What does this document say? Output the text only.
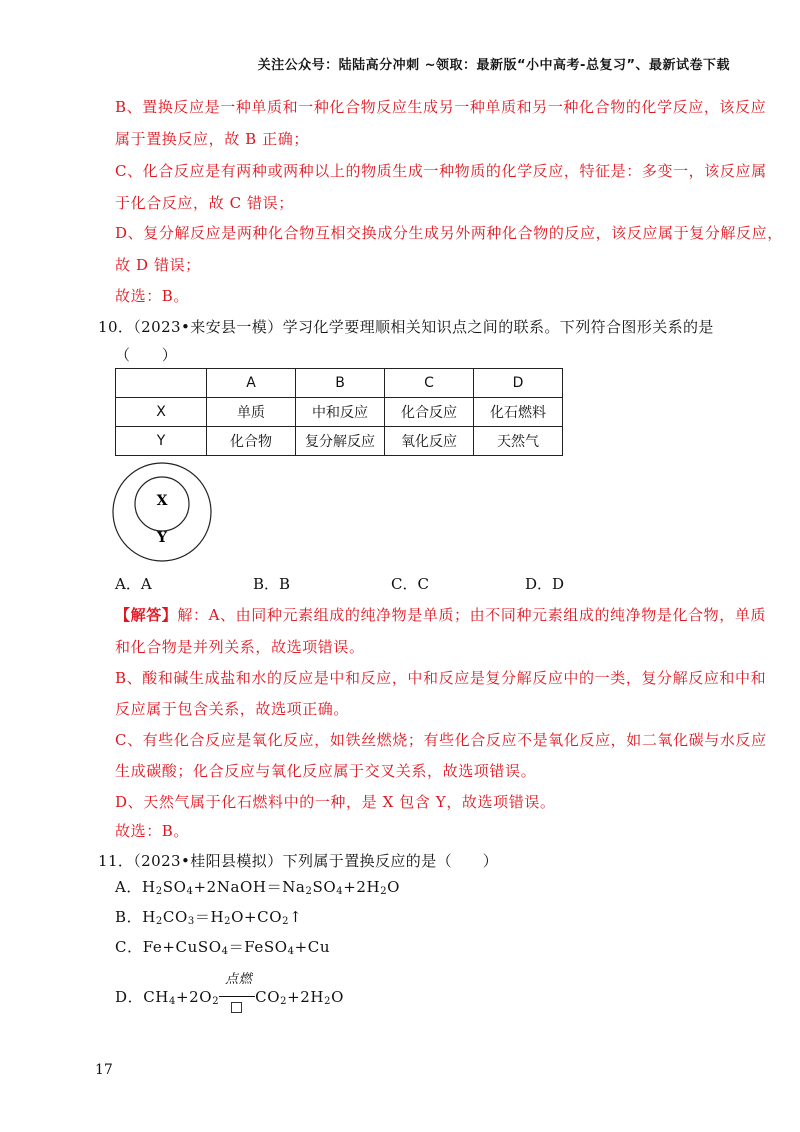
关注公众号：陆陆高分冲刺 ~领取：最新版“小中高考-总复习”、最新试卷下载
B、置换反应是一种单质和一种化合物反应生成另一种单质和另一种化合物的化学反应，该反应
属于置换反应，故 B 正确；
C、化合反应是有两种或两种以上的物质生成一种物质的化学反应，特征是：多变一，该反应属
于化合反应，故 C 错误；
D、复分解反应是两种化合物互相交换成分生成另外两种化合物的反应，该反应属于复分解反应，
故 D 错误；
故选：B。
10．（2023•来安县一模）学习化学要理顺相关知识点之间的联系。下列符合图形关系的是
（　　）
	A	B	C	D
X	单质	中和反应	化合反应	化石燃料
Y	化合物	复分解反应	氧化反应	天然气
X
Y
A．A	B．B	C．C	D．D
【解答】解：A、由同种元素组成的纯净物是单质；由不同种元素组成的纯净物是化合物，单质
和化合物是并列关系，故选项错误。
B、酸和碱生成盐和水的反应是中和反应，中和反应是复分解反应中的一类，复分解反应和中和
反应属于包含关系，故选项正确。
C、有些化合反应是氧化反应，如铁丝燃烧；有些化合反应不是氧化反应，如二氧化碳与水反应
生成碳酸；化合反应与氧化反应属于交叉关系，故选项错误。
D、天然气属于化石燃料中的一种，是 X 包含 Y，故选项错误。
故选：B。
11．（2023•桂阳县模拟）下列属于置换反应的是（　　）
A．$H_2SO_4+2NaOH=Na_2SO_4+2H_2O$
B．$H_2CO_3=H_2O+CO_2↑$
C．Fe+CuSO$_4$＝FeSO$_4$+Cu
D．$CH_4+2O_2$
点燃
$CO_2+2H_2O$
17
